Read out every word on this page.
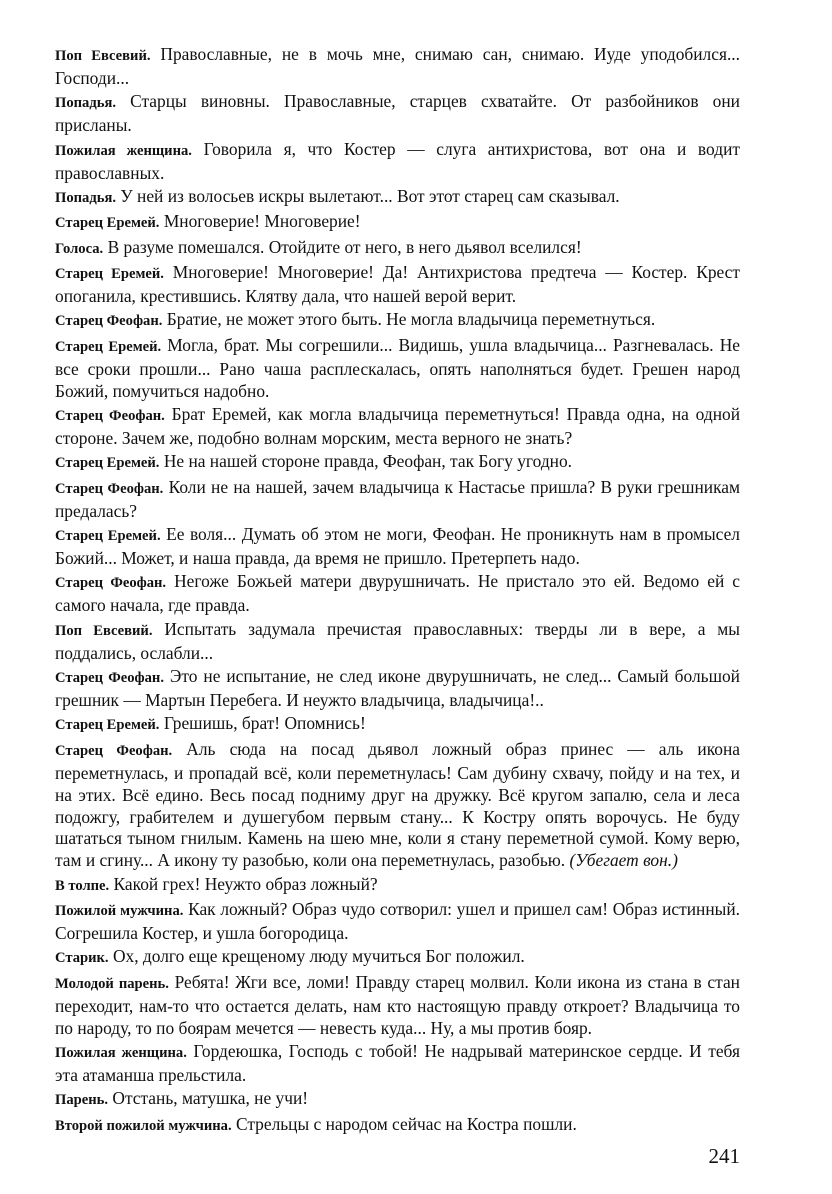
Поп Евсевий. Православные, не в мочь мне, снимаю сан, снимаю. Иуде уподобился... Господи...

Попадья. Старцы виновны. Православные, старцев схватайте. От разбойников они присланы.

Пожилая женщина. Говорила я, что Костер — слуга антихристова, вот она и водит православных.

Попадья. У ней из волосьев искры вылетают... Вот этот старец сам сказывал.

Старец Еремей. Многоверие! Многоверие!

Голоса. В разуме помешался. Отойдите от него, в него дьявол вселился!

Старец Еремей. Многоверие! Многоверие! Да! Антихристова предтеча — Костер. Крест опоганила, крестившись. Клятву дала, что нашей верой верит.

Старец Феофан. Братие, не может этого быть. Не могла владычица переметнуться.

Старец Еремей. Могла, брат. Мы согрешили... Видишь, ушла владычица... Разгневалась. Не все сроки прошли... Рано чаша расплескалась, опять наполняться будет. Грешен народ Божий, помучиться надобно.

Старец Феофан. Брат Еремей, как могла владычица переметнуться! Правда одна, на одной стороне. Зачем же, подобно волнам морским, места верного не знать?

Старец Еремей. Не на нашей стороне правда, Феофан, так Богу угодно.

Старец Феофан. Коли не на нашей, зачем владычица к Настасье пришла? В руки грешникам предалась?

Старец Еремей. Ее воля... Думать об этом не моги, Феофан. Не проникнуть нам в промысел Божий... Может, и наша правда, да время не пришло. Претерпеть надо.

Старец Феофан. Негоже Божьей матери двурушничать. Не пристало это ей. Ведомо ей с самого начала, где правда.

Поп Евсевий. Испытать задумала пречистая православных: тверды ли в вере, а мы поддались, ослабли...

Старец Феофан. Это не испытание, не след иконе двурушничать, не след... Самый большой грешник — Мартын Перебега. И неужто владычица, владычица!..

Старец Еремей. Грешишь, брат! Опомнись!

Старец Феофан. Аль сюда на посад дьявол ложный образ принес — аль икона переметнулась, и пропадай всё, коли переметнулась! Сам дубину схвачу, пойду и на тех, и на этих. Всё едино. Весь посад подниму друг на дружку. Всё кругом запалю, села и леса подожгу, грабителем и душегубом первым стану... К Костру опять ворочусь. Не буду шататься тыном гнилым. Камень на шею мне, коли я стану переметной сумой. Кому верю, там и сгину... А икону ту разобью, коли она переметнулась, разобью. (Убегает вон.)

В толпе. Какой грех! Неужто образ ложный?

Пожилой мужчина. Как ложный? Образ чудо сотворил: ушел и пришел сам! Образ истинный. Согрешила Костер, и ушла богородица.

Старик. Ох, долго еще крещеному люду мучиться Бог положил.

Молодой парень. Ребята! Жги все, ломи! Правду старец молвил. Коли икона из стана в стан переходит, нам-то что остается делать, нам кто настоящую правду откроет? Владычица то по народу, то по боярам мечется — невесть куда... Ну, а мы против бояр.

Пожилая женщина. Гордеюшка, Господь с тобой! Не надрывай материнское сердце. И тебя эта атаманша прельстила.

Парень. Отстань, матушка, не учи!

Второй пожилой мужчина. Стрельцы с народом сейчас на Костра пошли.

241
